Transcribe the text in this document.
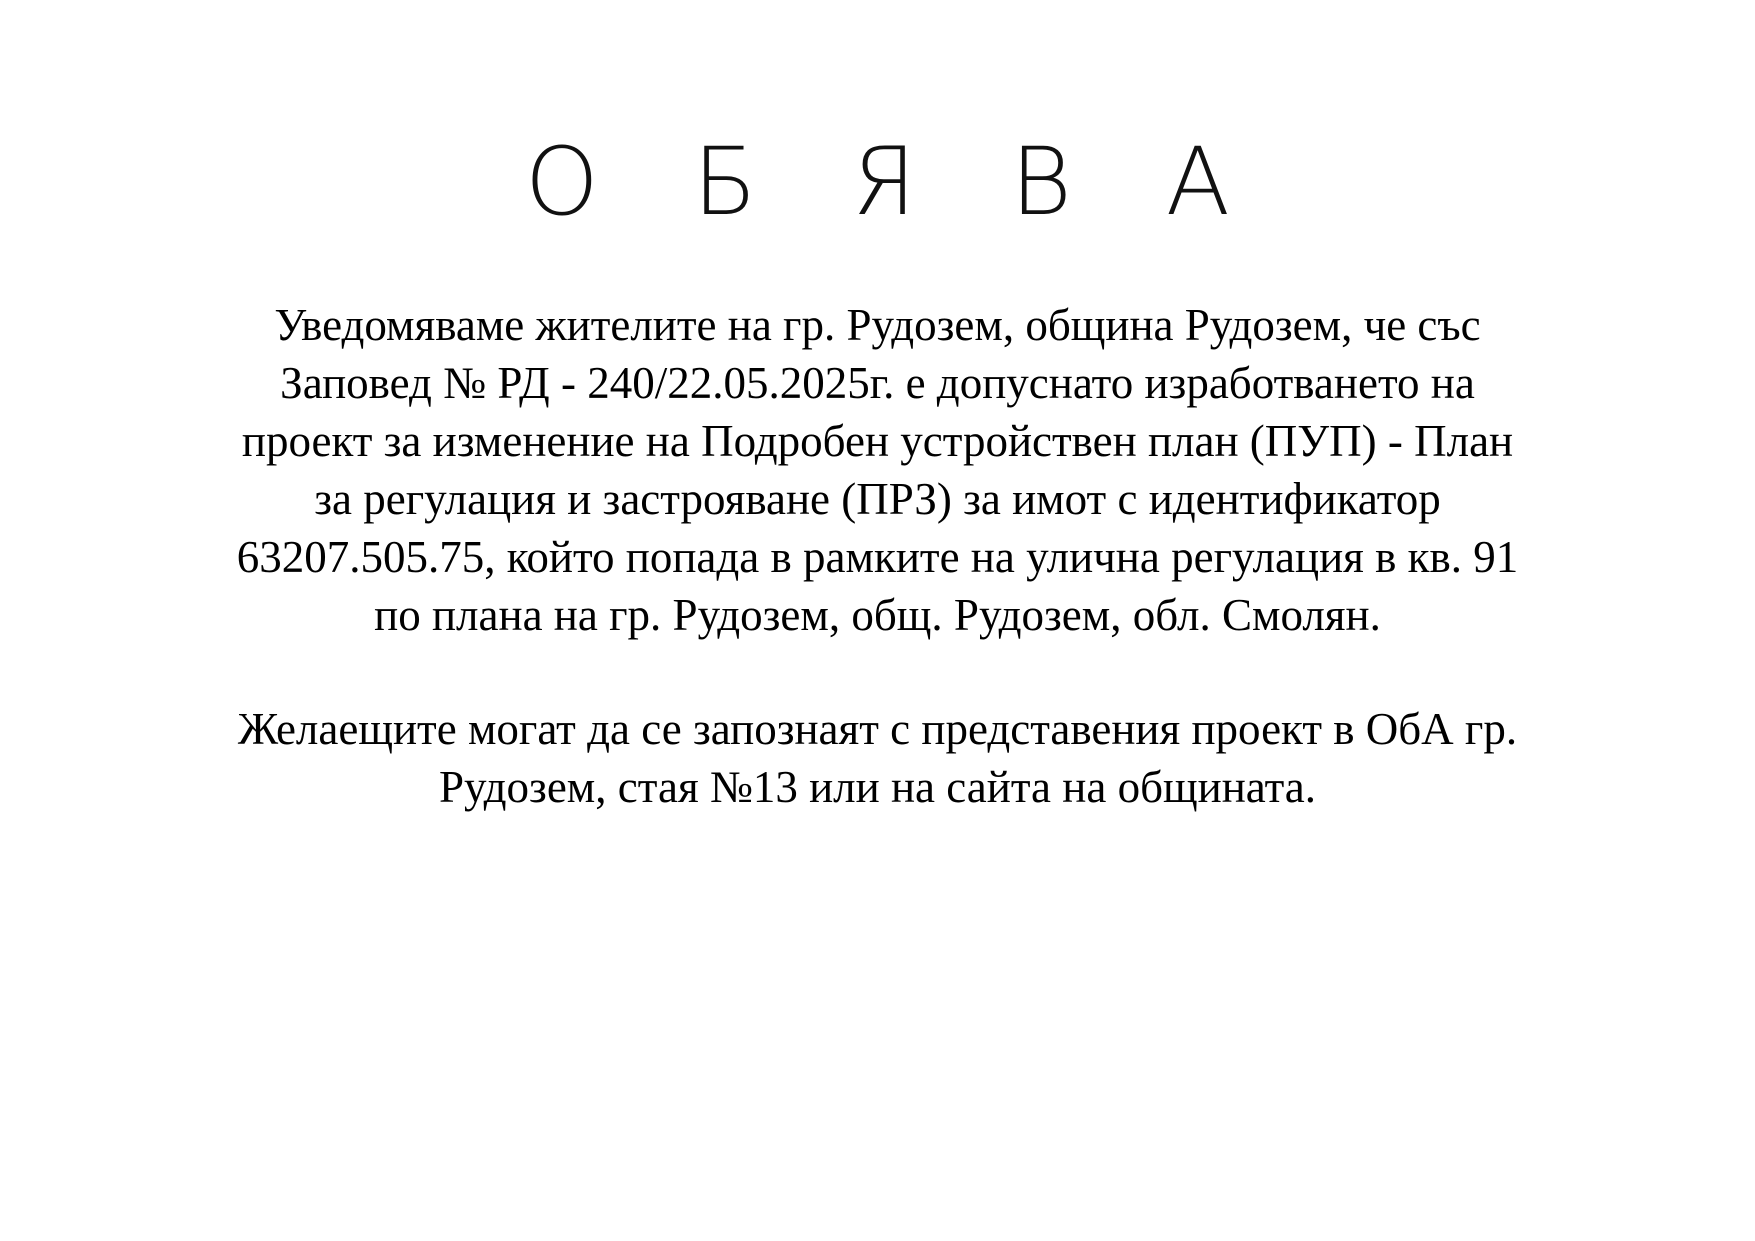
О Б Я В А

Уведомяваме жителите на гр. Рудозем, община Рудозем, че със
Заповед № РД - 240/22.05.2025г. е допуснато изработването на
проект за изменение на Подробен устройствен план (ПУП) - План
за регулация и застрояване (ПРЗ) за имот с идентификатор
63207.505.75, който попада в рамките на улична регулация в кв. 91
по плана на гр. Рудозем, общ. Рудозем, обл. Смолян.

Желаещите могат да се запознаят с представения проект в ОбА гр.
Рудозем, стая №13 или на сайта на общината.
